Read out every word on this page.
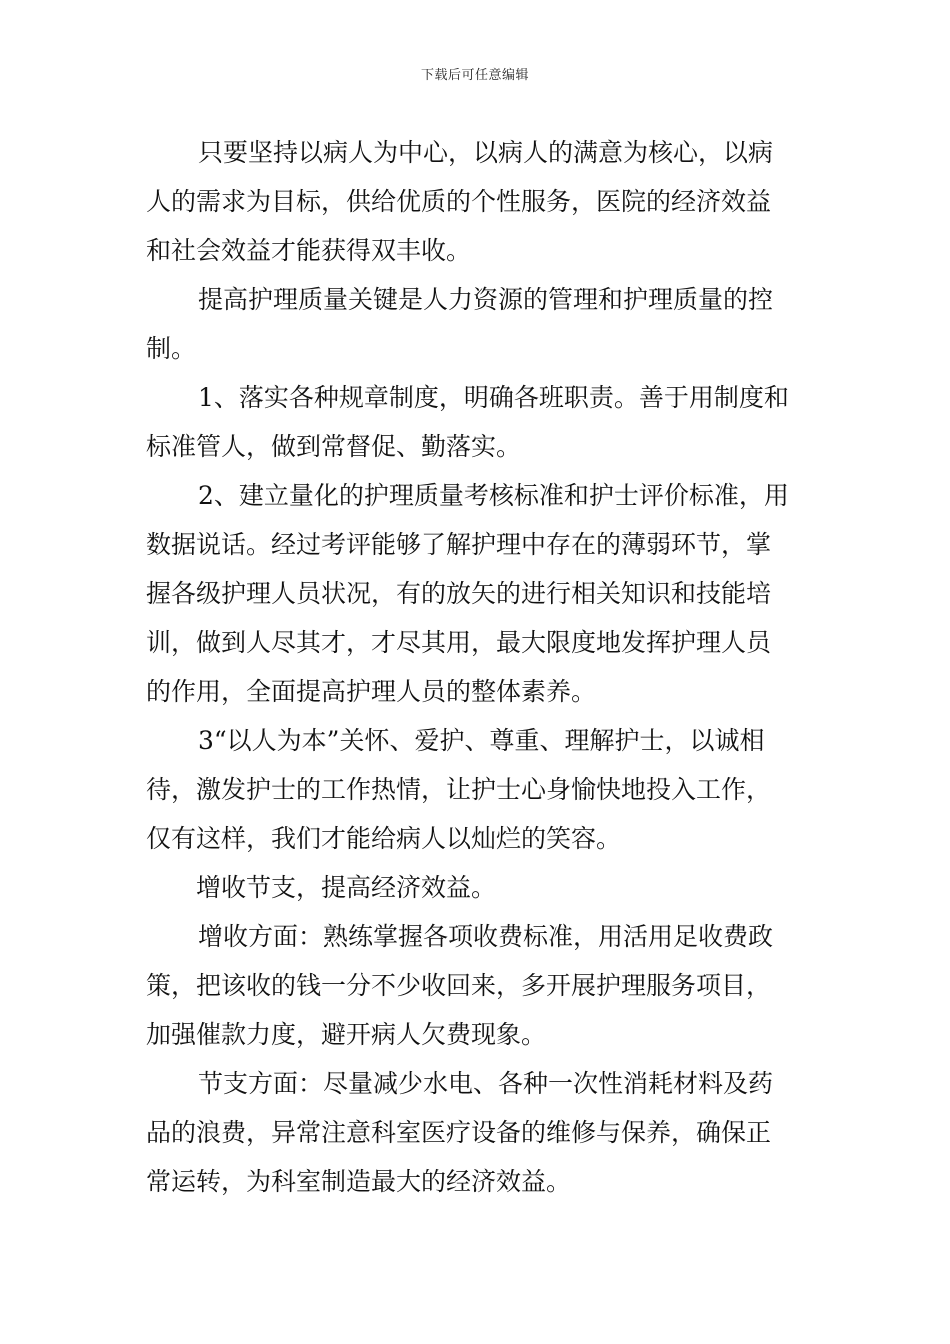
下载后可任意编辑

只要坚持以病人为中心，以病人的满意为核心，以病
人的需求为目标，供给优质的个性服务，医院的经济效益
和社会效益才能获得双丰收。

提高护理质量关键是人力资源的管理和护理质量的控
制。

1、落实各种规章制度，明确各班职责。善于用制度和
标准管人，做到常督促、勤落实。

2、建立量化的护理质量考核标准和护士评价标准，用
数据说话。经过考评能够了解护理中存在的薄弱环节，掌
握各级护理人员状况，有的放矢的进行相关知识和技能培
训，做到人尽其才，才尽其用，最大限度地发挥护理人员
的作用，全面提高护理人员的整体素养。

3“以人为本”关怀、爱护、尊重、理解护士，以诚相
待，激发护士的工作热情，让护士心身愉快地投入工作，
仅有这样，我们才能给病人以灿烂的笑容。

增收节支，提高经济效益。

增收方面：熟练掌握各项收费标准，用活用足收费政
策，把该收的钱一分不少收回来，多开展护理服务项目，
加强催款力度，避开病人欠费现象。

节支方面：尽量减少水电、各种一次性消耗材料及药
品的浪费，异常注意科室医疗设备的维修与保养，确保正
常运转，为科室制造最大的经济效益。
